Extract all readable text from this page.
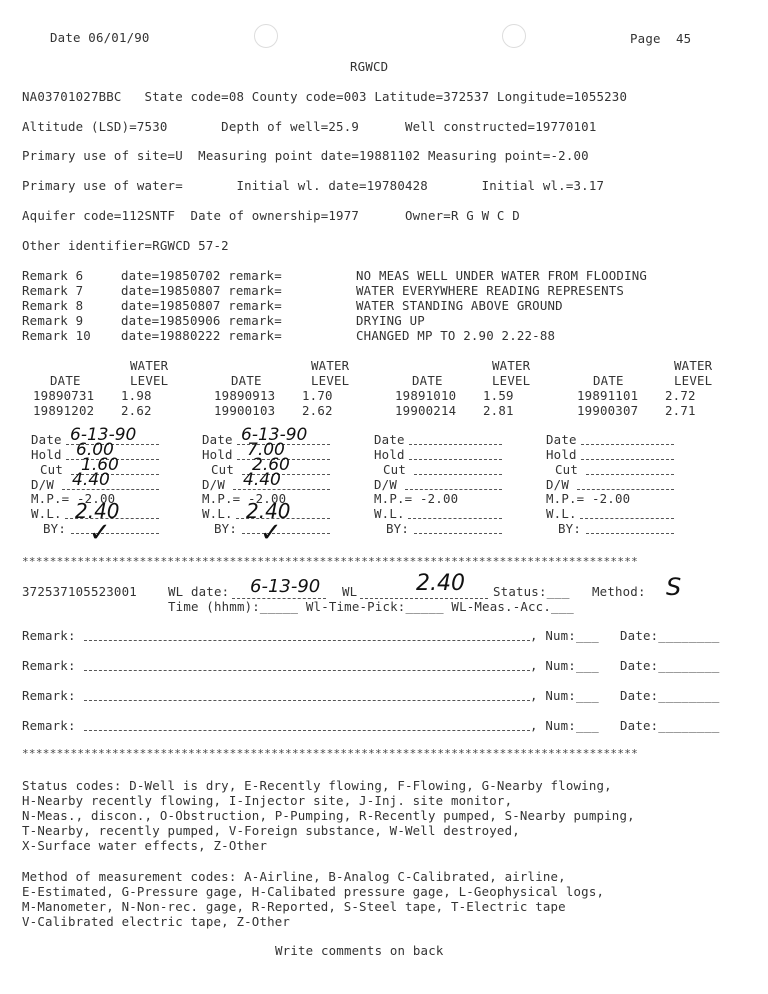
Date 06/01/90	Page  45
RGWCD
NA03701027BBC   State code=08 County code=003 Latitude=372537 Longitude=1055230
Altitude (LSD)=7530       Depth of well=25.9      Well constructed=19770101
Primary use of site=U  Measuring point date=19881102 Measuring point=-2.00
Primary use of water=       Initial wl. date=19780428       Initial wl.=3.17
Aquifer code=112SNTF  Date of ownership=1977      Owner=R G W C D
Other identifier=RGWCD 57-2
Remark 6 date=19850702 remark=	NO MEAS WELL UNDER WATER FROM FLOODING
Remark 7 date=19850807 remark=	WATER EVERYWHERE READING REPRESENTS
Remark 8 date=19850807 remark=	WATER STANDING ABOVE GROUND
Remark 9 date=19850906 remark=	DRYING UP
Remark 10 date=19880222 remark=	CHANGED MP TO 2.90 2.22-88
WATER
DATE	LEVEL
19890731 1.98
19891202 2.62
WATER
DATE	LEVEL
19890913 1.70
19900103 2.62
WATER
DATE	LEVEL
19891010 1.59
19900214 2.81
WATER
DATE	LEVEL
19891101 2.72
19900307 2.71
Date 6-13-90
Hold 6.00
Cut 1.60
D/W 4.40
M.P.= -2.00
W.L. 2.40
BY: ✓
Date 6-13-90
Hold 7.00
Cut 2.60
D/W 4.40
M.P.= -2.00
W.L. 2.40
BY: ✓
Date
Hold
Cut
D/W
M.P.= -2.00
W.L.
BY:
Date
Hold
Cut
D/W
M.P.= -2.00
W.L.
BY:
*****************************************************************************************
372537105523001	WL date: 6-13-90 WL	2.40 Status:___ Method: S
Time (hhmm):_____ Wl-Time-Pick:_____ WL-Meas.-Acc.___
Remark:	, Num:___ Date:________
Remark:	, Num:___ Date:________
Remark:	, Num:___ Date:________
Remark:	, Num:___ Date:________
*****************************************************************************************
Status codes: D-Well is dry, E-Recently flowing, F-Flowing, G-Nearby flowing,
H-Nearby recently flowing, I-Injector site, J-Inj. site monitor,
N-Meas., discon., O-Obstruction, P-Pumping, R-Recently pumped, S-Nearby pumping,
T-Nearby, recently pumped, V-Foreign substance, W-Well destroyed,
X-Surface water effects, Z-Other
Method of measurement codes: A-Airline, B-Analog C-Calibrated, airline,
E-Estimated, G-Pressure gage, H-Calibated pressure gage, L-Geophysical logs,
M-Manometer, N-Non-rec. gage, R-Reported, S-Steel tape, T-Electric tape
V-Calibrated electric tape, Z-Other
Write comments on back
